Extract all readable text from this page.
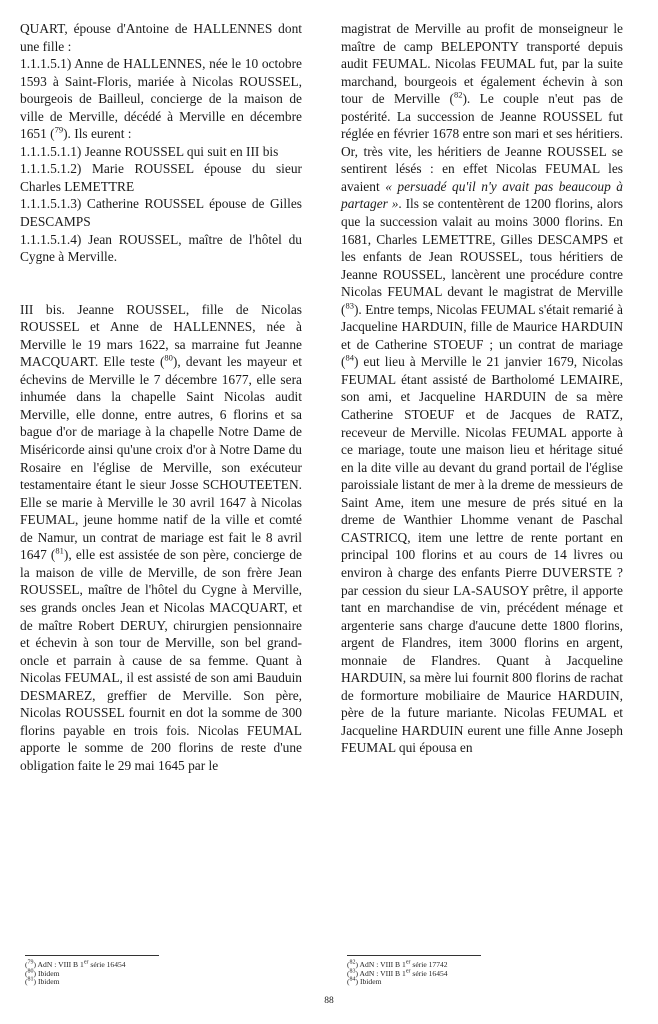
QUART, épouse d'Antoine de HALLENNES dont une fille :

1.1.1.5.1) Anne de HALLENNES, née le 10 octobre 1593 à Saint-Floris, mariée à Nicolas ROUSSEL, bourgeois de Bailleul, concierge de la maison de ville de Merville, décédé à Merville en décembre 1651 ($^{79}$). Ils eurent :

1.1.1.5.1.1) Jeanne ROUSSEL qui suit en III bis

1.1.1.5.1.2) Marie ROUSSEL épouse du sieur Charles LEMETTRE

1.1.1.5.1.3) Catherine ROUSSEL épouse de Gilles DESCAMPS

1.1.1.5.1.4) Jean ROUSSEL, maître de l'hôtel du Cygne à Merville.

III bis. Jeanne ROUSSEL, fille de Nicolas ROUSSEL et Anne de HALLENNES, née à Merville le 19 mars 1622, sa marraine fut Jeanne MACQUART. Elle teste ($^{80}$), devant les mayeur et échevins de Merville le 7 décembre 1677, elle sera inhumée dans la chapelle Saint Nicolas audit Merville, elle donne, entre autres, 6 florins et sa bague d'or de mariage à la chapelle Notre Dame de Miséricorde ainsi qu'une croix d'or à Notre Dame du Rosaire en l'église de Merville, son exécuteur testamentaire étant le sieur Josse SCHOUTEETEN. Elle se marie à Merville le 30 avril 1647 à Nicolas FEUMAL, jeune homme natif de la ville et comté de Namur, un contrat de mariage est fait le 8 avril 1647 ($^{81}$), elle est assistée de son père, concierge de la maison de ville de Merville, de son frère Jean ROUSSEL, maître de l'hôtel du Cygne à Merville, ses grands oncles Jean et Nicolas MACQUART, et de maître Robert DERUY, chirurgien pensionnaire et échevin à son tour de Merville, son bel grand-oncle et parrain à cause de sa femme. Quant à Nicolas FEUMAL, il est assisté de son ami Bauduin DESMAREZ, greffier de Merville. Son père, Nicolas ROUSSEL fournit en dot la somme de 300 florins payable en trois fois. Nicolas FEUMAL apporte le somme de 200 florins de reste d'une obligation faite le 29 mai 1645 par le

magistrat de Merville au profit de monseigneur le maître de camp BELEPONTY transporté depuis audit FEUMAL. Nicolas FEUMAL fut, par la suite marchand, bourgeois et également échevin à son tour de Merville ($^{82}$). Le couple n'eut pas de postérité. La succession de Jeanne ROUSSEL fut réglée en février 1678 entre son mari et ses héritiers. Or, très vite, les héritiers de Jeanne ROUSSEL se sentirent lésés : en effet Nicolas FEUMAL les avaient « persuadé qu'il n'y avait pas beaucoup à partager ». Ils se contentèrent de 1200 florins, alors que la succession valait au moins 3000 florins. En 1681, Charles LEMETTRE, Gilles DESCAMPS et les enfants de Jean ROUSSEL, tous héritiers de Jeanne ROUSSEL, lancèrent une procédure contre Nicolas FEUMAL devant le magistrat de Merville ($^{83}$). Entre temps, Nicolas FEUMAL s'était remarié à Jacqueline HARDUIN, fille de Maurice HARDUIN et de Catherine STOEUF ; un contrat de mariage ($^{84}$) eut lieu à Merville le 21 janvier 1679, Nicolas FEUMAL étant assisté de Bartholomé LEMAIRE, son ami, et Jacqueline HARDUIN de sa mère Catherine STOEUF et de Jacques de RATZ, receveur de Merville. Nicolas FEUMAL apporte à ce mariage, toute une maison lieu et héritage situé en la dite ville au devant du grand portail de l'église paroissiale listant de mer à la dreme de messieurs de Saint Ame, item une mesure de prés situé en la dreme de Wanthier Lhomme venant de Paschal CASTRICQ, item une lettre de rente portant en principal 100 florins et au cours de 14 livres ou environ à charge des enfants Pierre DUVERSTE ? par cession du sieur LA-SAUSOY prêtre, il apporte tant en marchandise de vin, précédent ménage et argenterie sans charge d'aucune dette 1800 florins, argent de Flandres, item 3000 florins en argent, monnaie de Flandres. Quant à Jacqueline HARDUIN, sa mère lui fournit 800 florins de rachat de formorture mobiliaire de Maurice HARDUIN, père de la future mariante. Nicolas FEUMAL et Jacqueline HARDUIN eurent une fille Anne Joseph FEUMAL qui épousa en

($^{79}$) AdN : VIII B 1er série 16454
($^{80}$) Ibidem
($^{81}$) Ibidem
($^{82}$) AdN : VIII B 1er série 17742
($^{83}$) AdN : VIII B 1er série 16454
($^{84}$) Ibidem
88
